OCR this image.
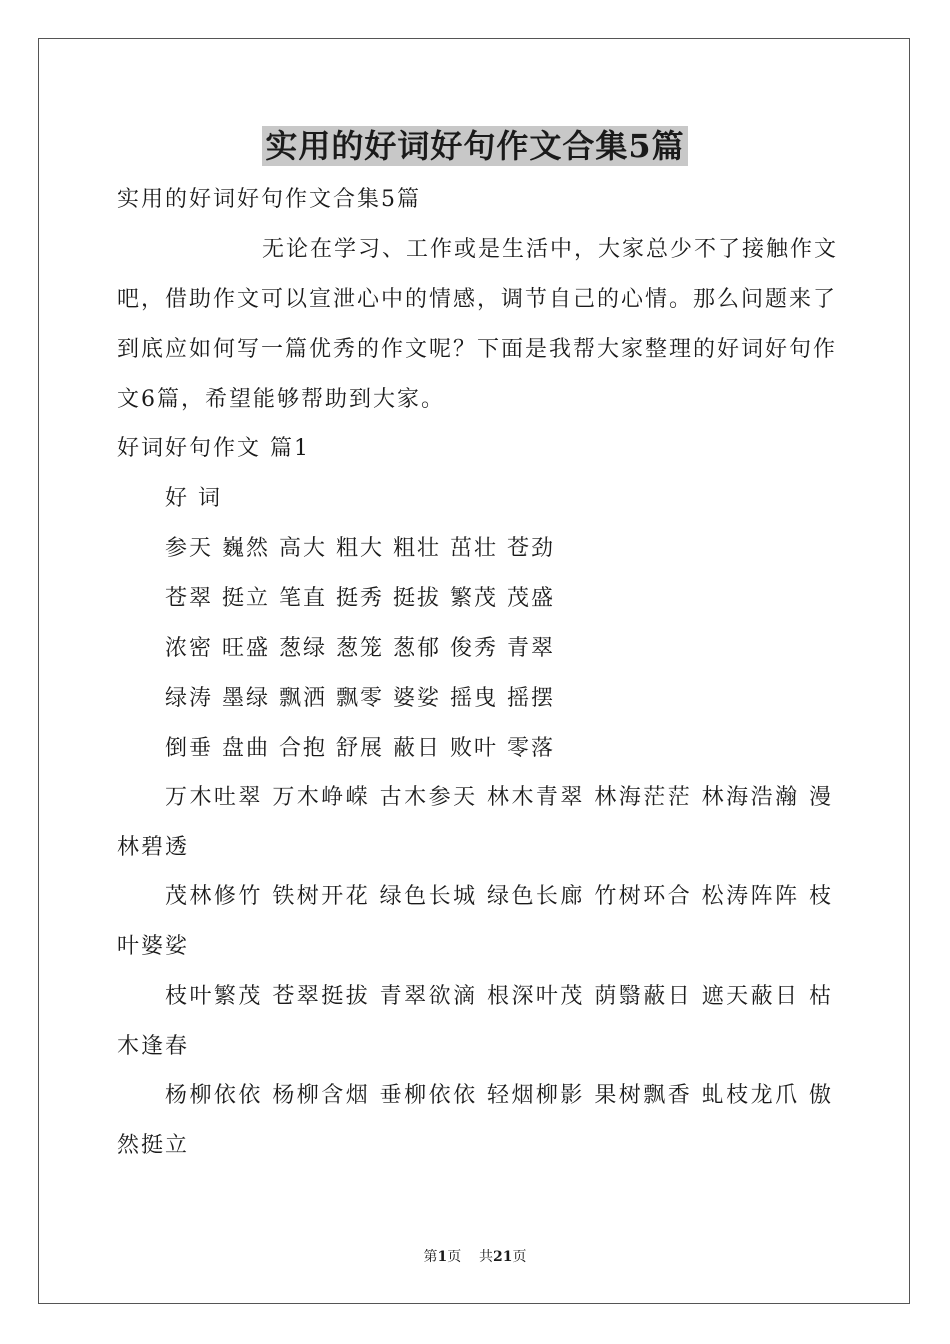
实用的好词好句作文合集5篇
实用的好词好句作文合集5篇
无论在学习、工作或是生活中，大家总少不了接触作文
吧，借助作文可以宣泄心中的情感，调节自己的心情。那么问题来了
到底应如何写一篇优秀的作文呢？下面是我帮大家整理的好词好句作
文6篇，希望能够帮助到大家。
好词好句作文 篇1
好 词
参天 巍然 高大 粗大 粗壮 茁壮 苍劲
苍翠 挺立 笔直 挺秀 挺拔 繁茂 茂盛
浓密 旺盛 葱绿 葱笼 葱郁 俊秀 青翠
绿涛 墨绿 飘洒 飘零 婆娑 摇曳 摇摆
倒垂 盘曲 合抱 舒展 蔽日 败叶 零落
万木吐翠 万木峥嵘 古木参天 林木青翠 林海茫茫 林海浩瀚 漫
林碧透
茂林修竹 铁树开花 绿色长城 绿色长廊 竹树环合 松涛阵阵 枝
叶婆娑
枝叶繁茂 苍翠挺拔 青翠欲滴 根深叶茂 荫翳蔽日 遮天蔽日 枯
木逢春
杨柳依依 杨柳含烟 垂柳依依 轻烟柳影 果树飘香 虬枝龙爪 傲
然挺立
第1页 共21页
